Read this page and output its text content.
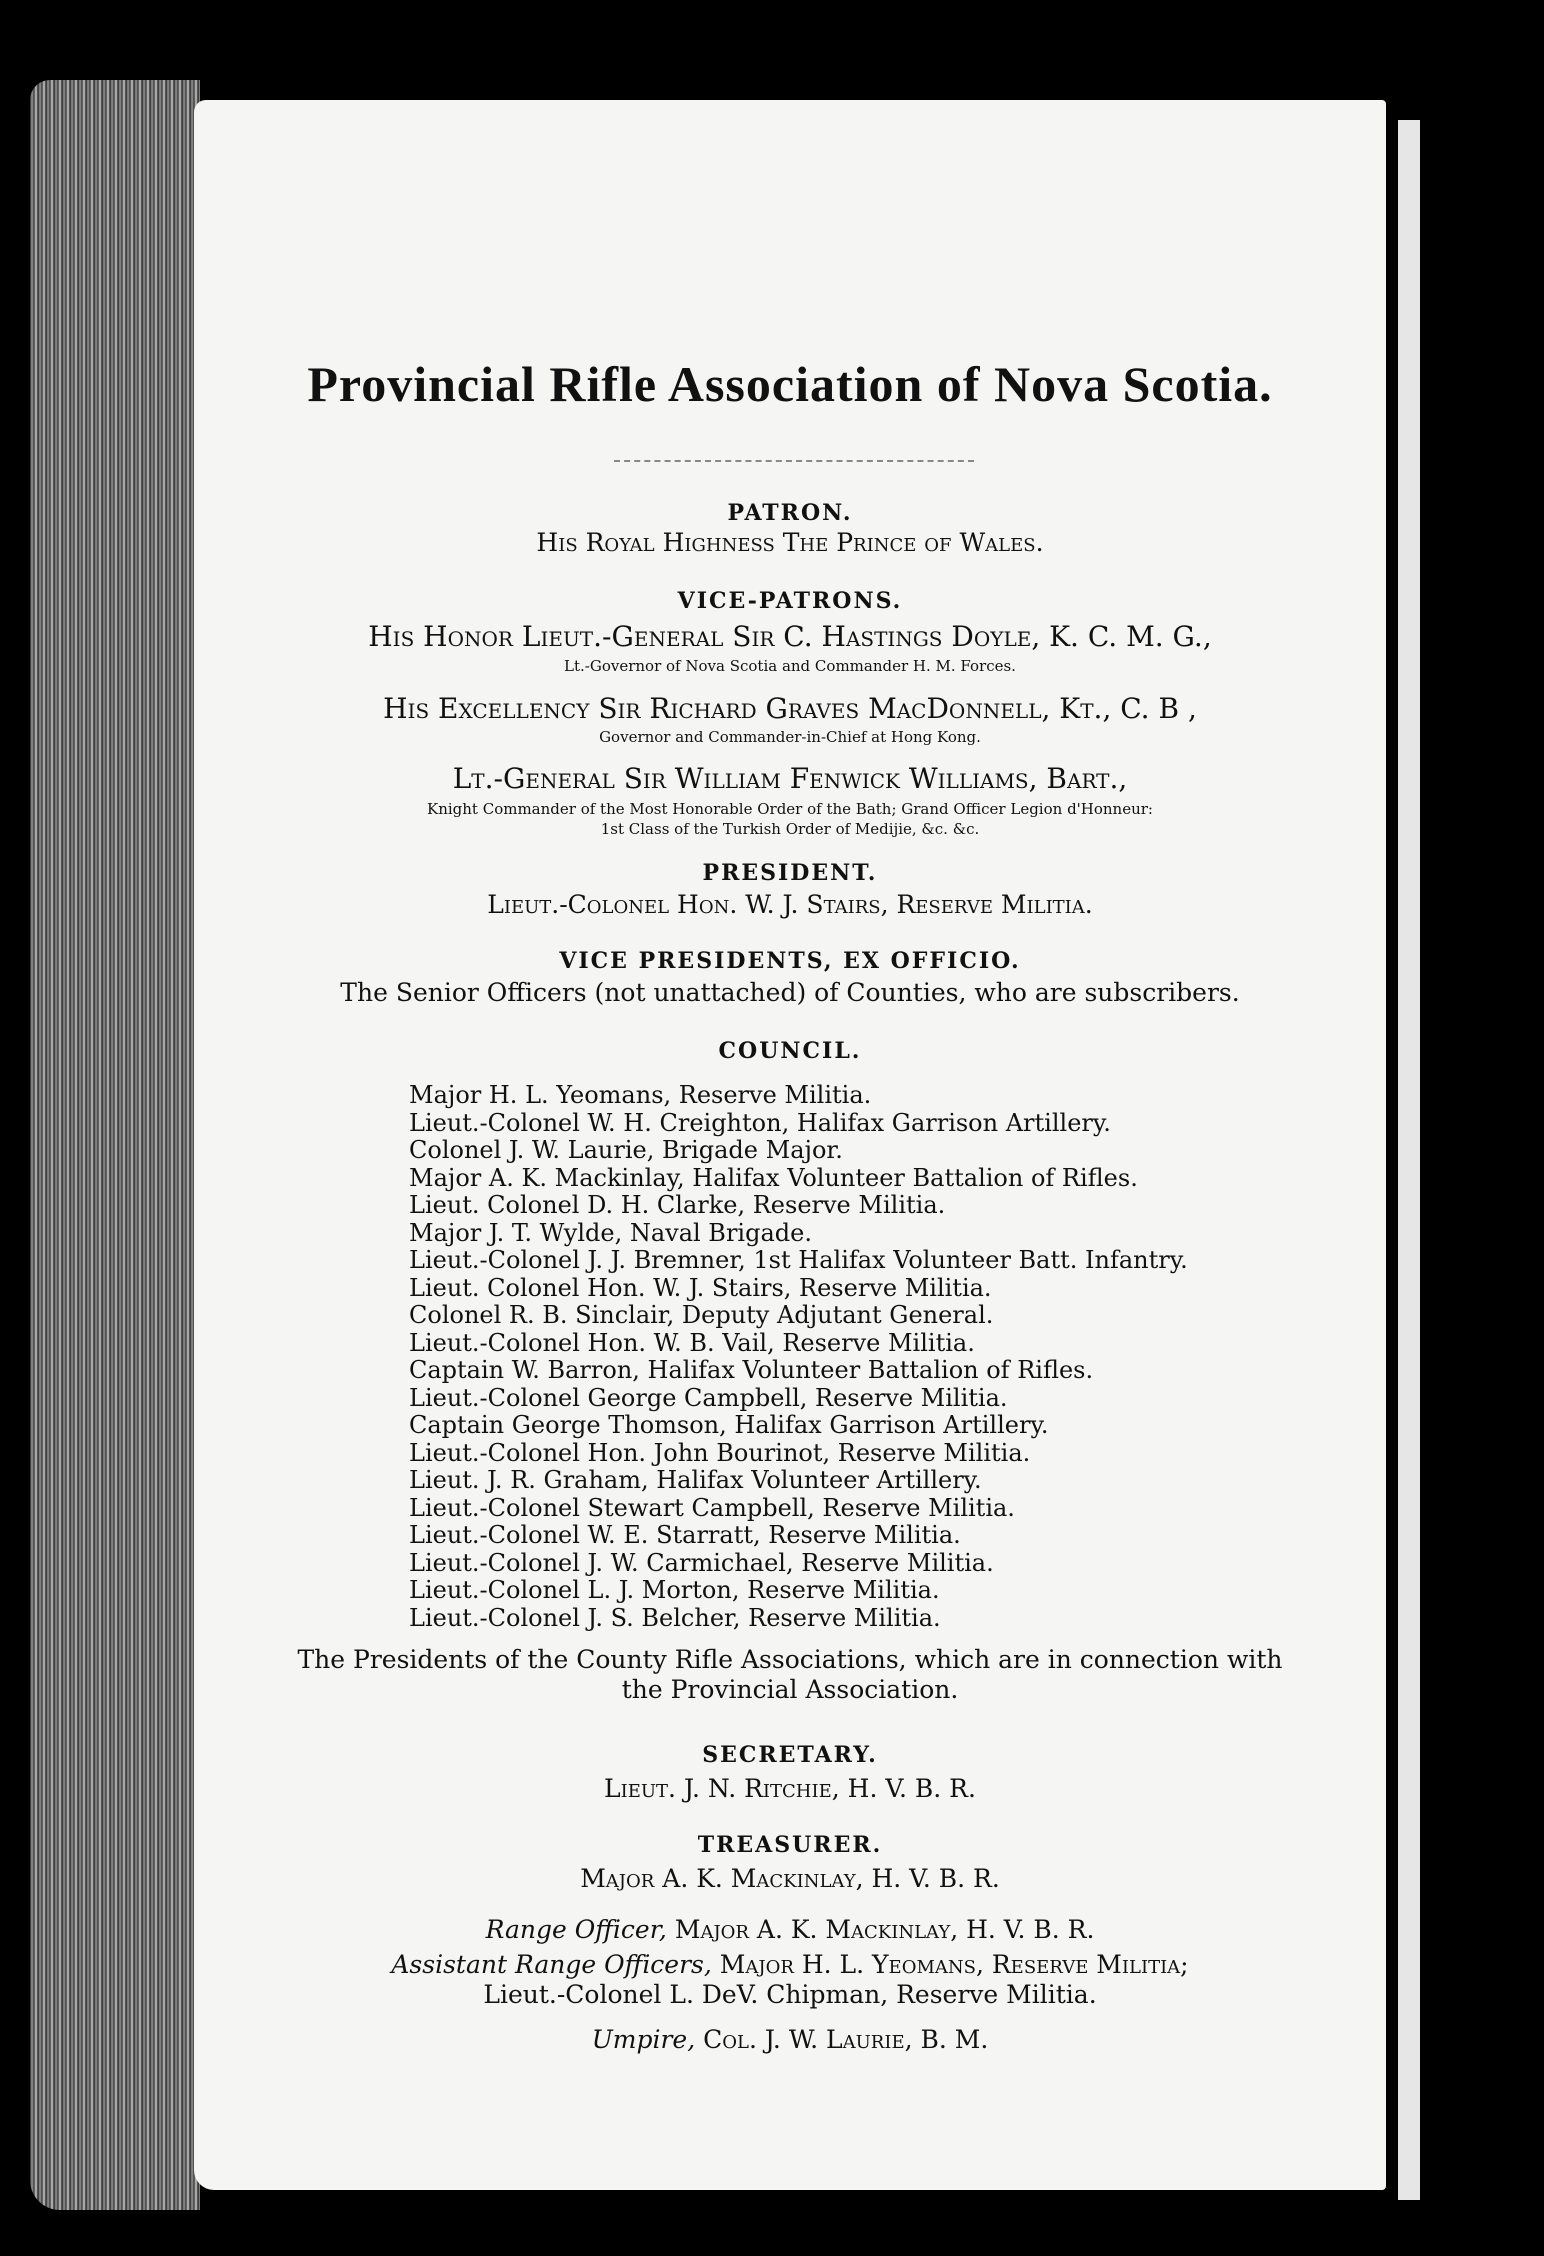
Provincial Rifle Association of Nova Scotia.
PATRON.
His Royal Highness The Prince of Wales.
VICE-PATRONS.
His Honor Lieut.-General Sir C. Hastings Doyle, K. C. M. G.,
Lt.-Governor of Nova Scotia and Commander H. M. Forces.
His Excellency Sir Richard Graves MacDonnell, Kt., C. B ,
Governor and Commander-in-Chief at Hong Kong.
Lt.-General Sir William Fenwick Williams, Bart.,
Knight Commander of the Most Honorable Order of the Bath; Grand Officer Legion d'Honneur:
1st Class of the Turkish Order of Medijie, &c. &c.
PRESIDENT.
Lieut.-Colonel Hon. W. J. Stairs, Reserve Militia.
VICE PRESIDENTS, EX OFFICIO.
The Senior Officers (not unattached) of Counties, who are subscribers.
COUNCIL.
Major H. L. Yeomans, Reserve Militia.
Lieut.-Colonel W. H. Creighton, Halifax Garrison Artillery.
Colonel J. W. Laurie, Brigade Major.
Major A. K. Mackinlay, Halifax Volunteer Battalion of Rifles.
Lieut. Colonel D. H. Clarke, Reserve Militia.
Major J. T. Wylde, Naval Brigade.
Lieut.-Colonel J. J. Bremner, 1st Halifax Volunteer Batt. Infantry.
Lieut. Colonel Hon. W. J. Stairs, Reserve Militia.
Colonel R. B. Sinclair, Deputy Adjutant General.
Lieut.-Colonel Hon. W. B. Vail, Reserve Militia.
Captain W. Barron, Halifax Volunteer Battalion of Rifles.
Lieut.-Colonel George Campbell, Reserve Militia.
Captain George Thomson, Halifax Garrison Artillery.
Lieut.-Colonel Hon. John Bourinot, Reserve Militia.
Lieut. J. R. Graham, Halifax Volunteer Artillery.
Lieut.-Colonel Stewart Campbell, Reserve Militia.
Lieut.-Colonel W. E. Starratt, Reserve Militia.
Lieut.-Colonel J. W. Carmichael, Reserve Militia.
Lieut.-Colonel L. J. Morton, Reserve Militia.
Lieut.-Colonel J. S. Belcher, Reserve Militia.
The Presidents of the County Rifle Associations, which are in connection with
the Provincial Association.
SECRETARY.
Lieut. J. N. Ritchie, H. V. B. R.
TREASURER.
Major A. K. Mackinlay, H. V. B. R.
Range Officer, Major A. K. Mackinlay, H. V. B. R.
Assistant Range Officers, Major H. L. Yeomans, Reserve Militia;
Lieut.-Colonel L. DeV. Chipman, Reserve Militia.
Umpire, Col. J. W. Laurie, B. M.
